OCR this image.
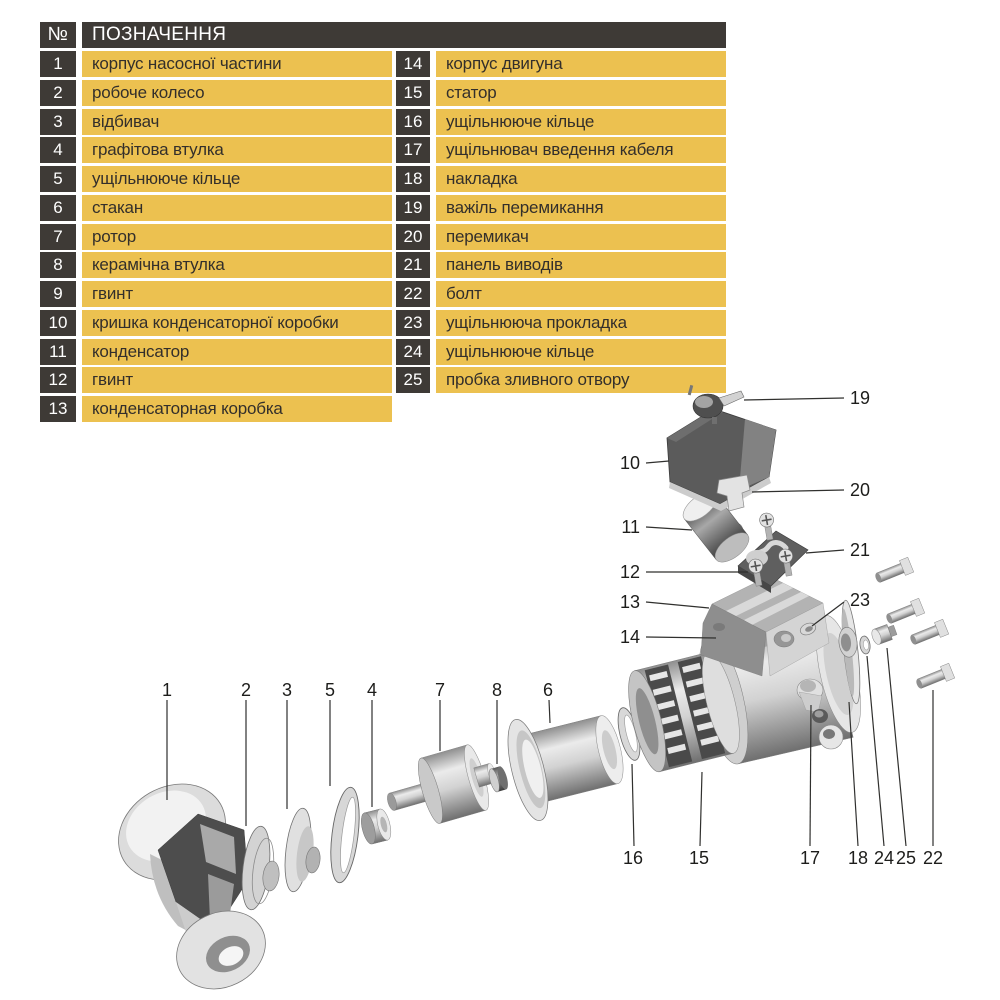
№	ПОЗНАЧЕННЯ
1	корпус насосної частини
2	робоче колесо
3	відбивач
4	графітова втулка
5	ущільнююче кільце
6	стакан
7	ротор
8	керамічна втулка
9	гвинт
10	кришка конденсаторної коробки
11	конденсатор
12	гвинт
13	конденсаторная коробка
14	корпус двигуна
15	статор
16	ущільнююче кільце
17	ущільнювач введення кабеля
18	накладка
19	важіль перемикання
20	перемикач
21	панель виводів
22	болт
23	ущільнююча прокладка
24	ущільнююче кільце
25	пробка зливного отвору
10
11
12
13
14
19
20
21
23
1	2 3 5 4	7	8 6
16	15	17 18 24 25 22
